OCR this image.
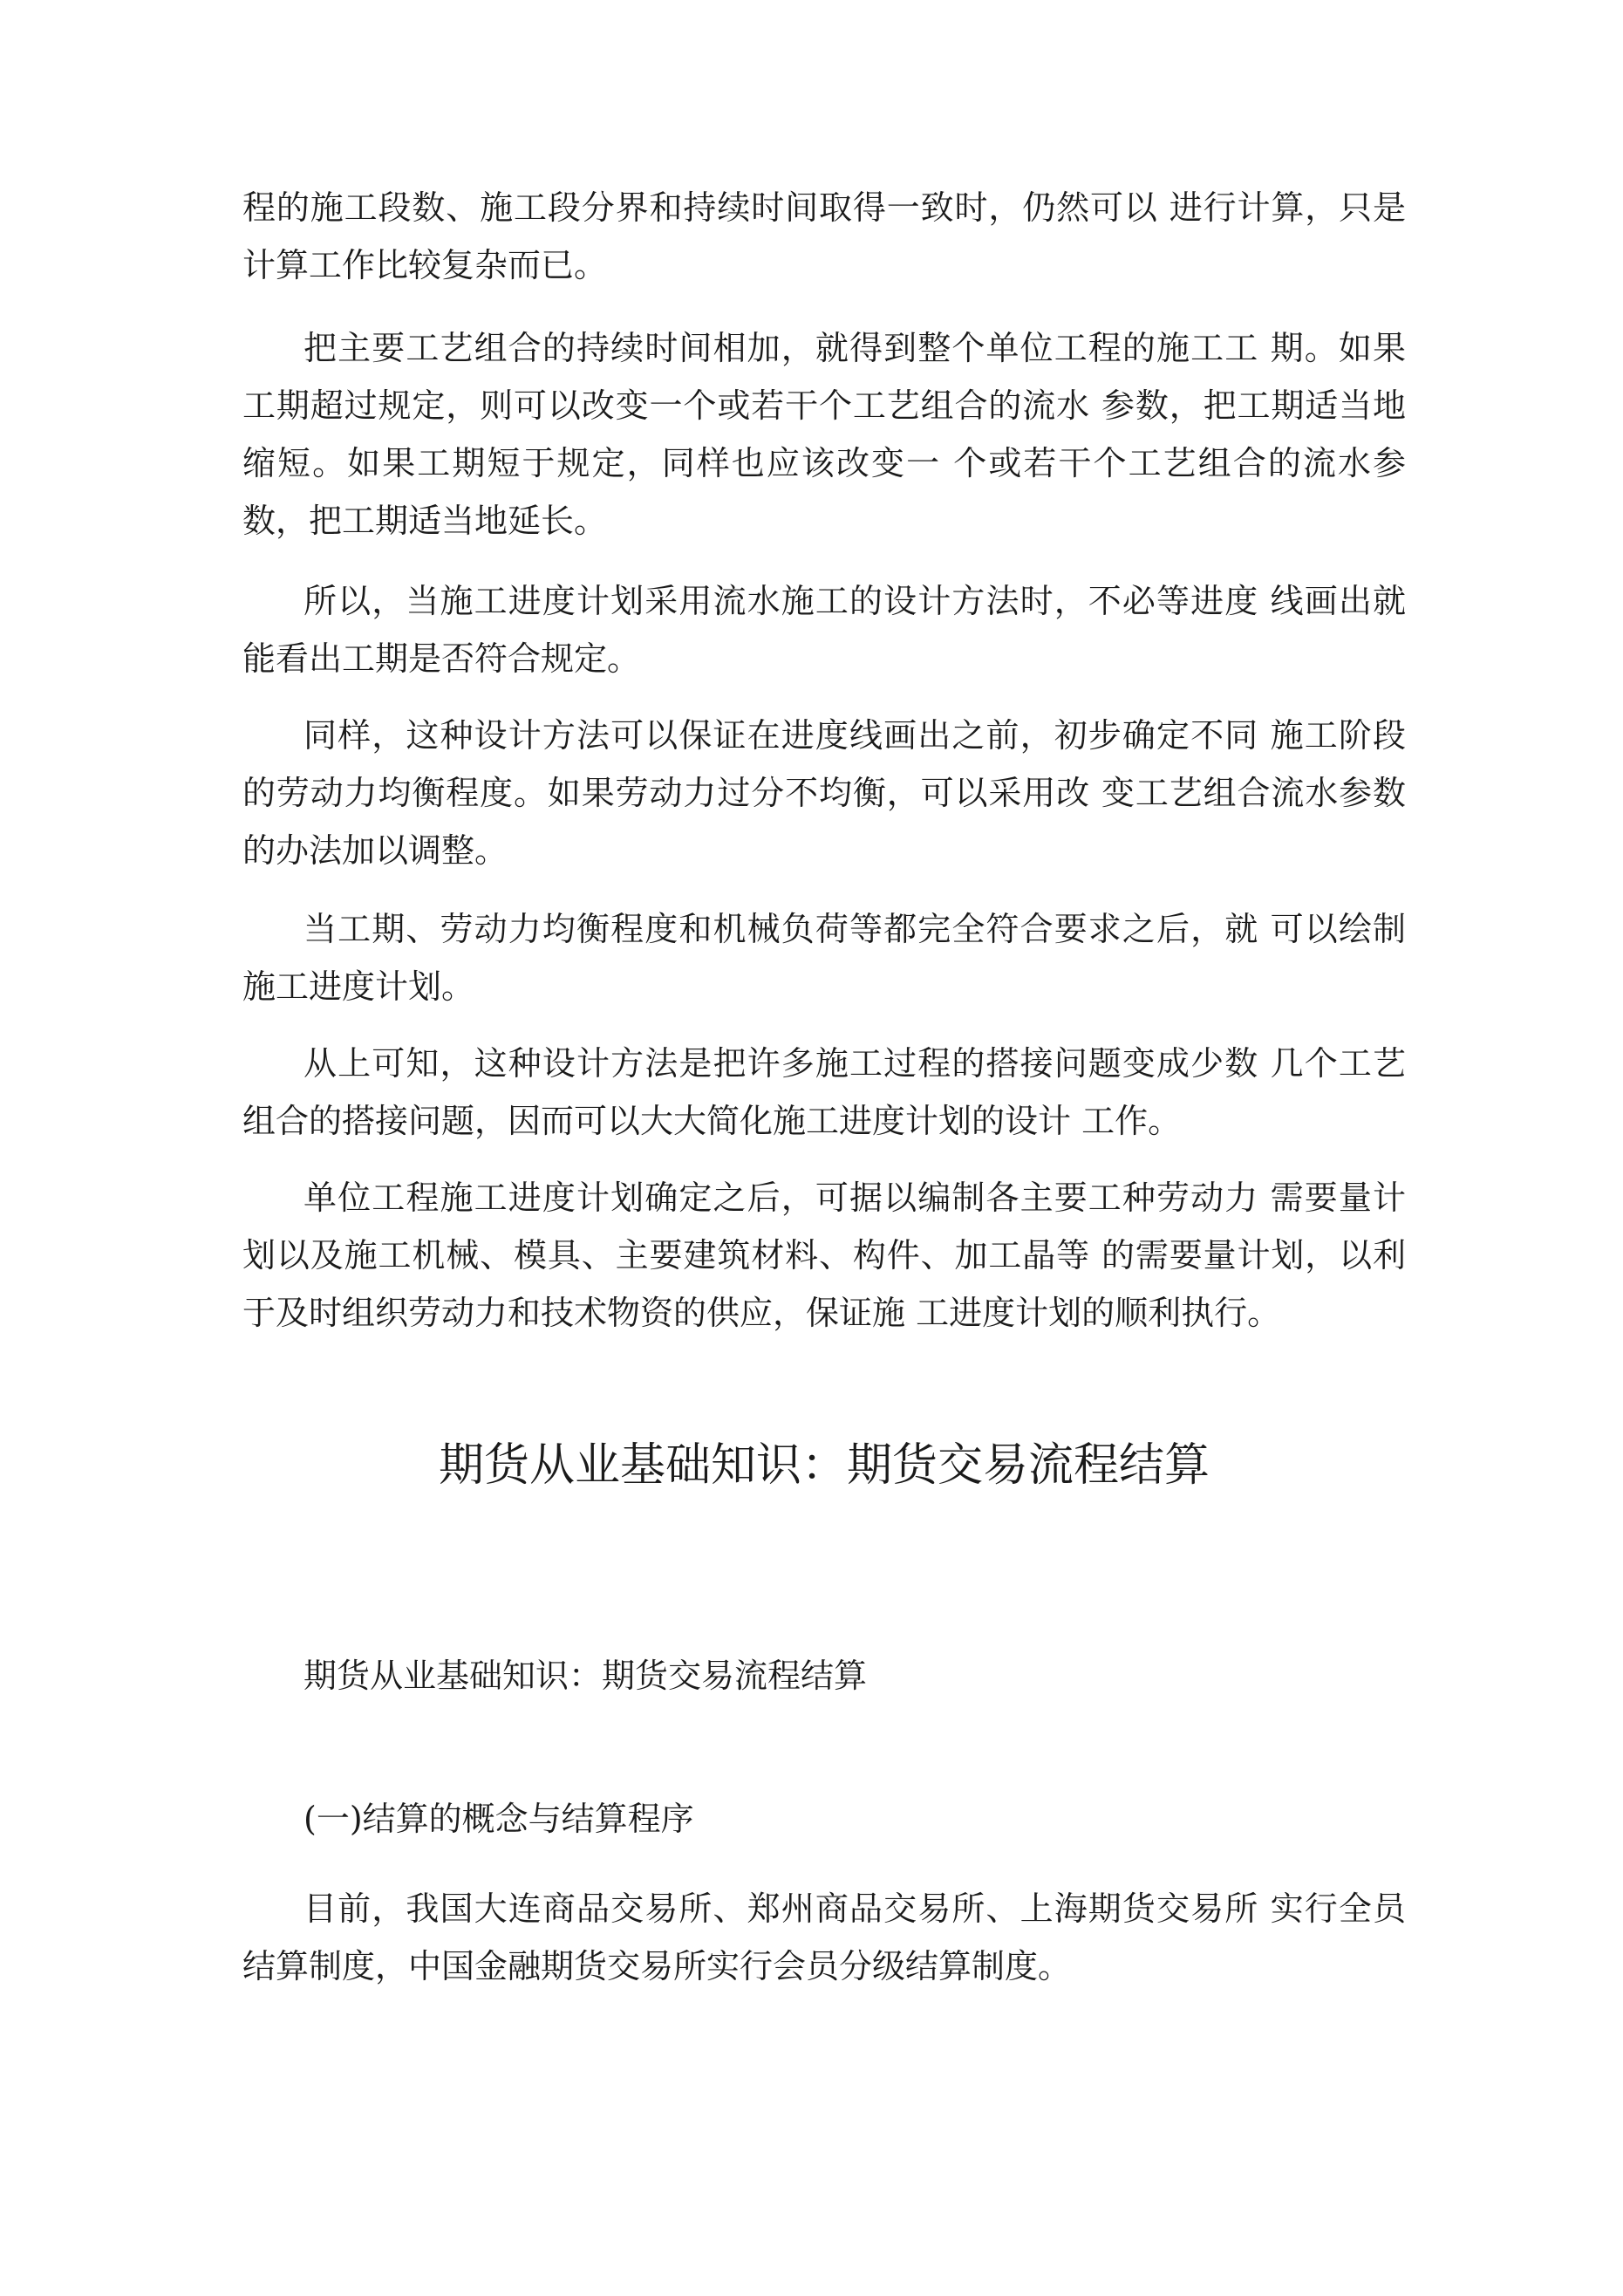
程的施工段数、施工段分界和持续时间取得一致时，仍然可以 进行计算，只是计算工作比较复杂而已。

把主要工艺组合的持续时间相加，就得到整个单位工程的施工工 期。如果工期超过规定，则可以改变一个或若干个工艺组合的流水 参数，把工期适当地缩短。如果工期短于规定，同样也应该改变一 个或若干个工艺组合的流水参数，把工期适当地延长。

所以，当施工进度计划采用流水施工的设计方法时，不必等进度 线画出就能看出工期是否符合规定。

同样，这种设计方法可以保证在进度线画出之前，初步确定不同 施工阶段的劳动力均衡程度。如果劳动力过分不均衡，可以采用改 变工艺组合流水参数的办法加以调整。

当工期、劳动力均衡程度和机械负荷等都完全符合要求之后，就 可以绘制施工进度计划。

从上可知，这种设计方法是把许多施工过程的搭接问题变成少数 几个工艺组合的搭接问题，因而可以大大简化施工进度计划的设计 工作。

单位工程施工进度计划确定之后，可据以编制各主要工种劳动力 需要量计划以及施工机械、模具、主要建筑材料、构件、加工晶等 的需要量计划，以利于及时组织劳动力和技术物资的供应，保证施 工进度计划的顺利执行。

期货从业基础知识：期货交易流程结算

期货从业基础知识：期货交易流程结算

(一)结算的概念与结算程序

目前，我国大连商品交易所、郑州商品交易所、上海期货交易所 实行全员结算制度，中国金融期货交易所实行会员分级结算制度。
